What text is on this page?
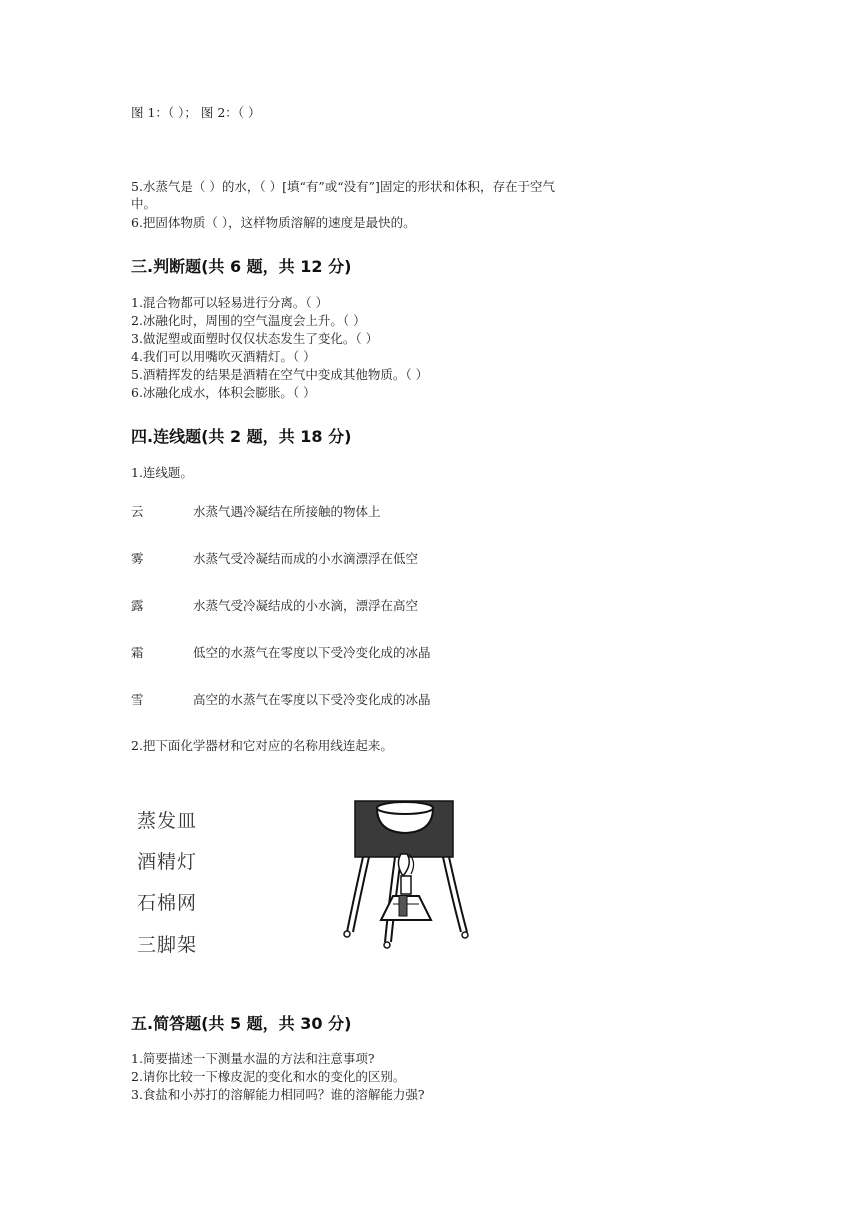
图 1：（ ）； 图 2：（ ）
5.水蒸气是（ ）的水，（ ）[填“有”或“没有”]固定的形状和体积，存在于空气
中。
6.把固体物质（ ），这样物质溶解的速度是最快的。
三.判断题(共 6 题，共 12 分)
1.混合物都可以轻易进行分离。（ ）
2.冰融化时，周围的空气温度会上升。（ ）
3.做泥塑或面塑时仅仅状态发生了变化。（ ）
4.我们可以用嘴吹灭酒精灯。（ ）
5.酒精挥发的结果是酒精在空气中变成其他物质。（ ）
6.冰融化成水，体积会膨胀。（ ）
四.连线题(共 2 题，共 18 分)
1.连线题。
云	水蒸气遇冷凝结在所接触的物体上
雾	水蒸气受冷凝结而成的小水滴漂浮在低空
露	水蒸气受冷凝结成的小水滴，漂浮在高空
霜	低空的水蒸气在零度以下受冷变化成的冰晶
雪	高空的水蒸气在零度以下受冷变化成的冰晶
2.把下面化学器材和它对应的名称用线连起来。
蒸发皿
酒精灯
石棉网
三脚架
五.简答题(共 5 题，共 30 分)
1.简要描述一下测量水温的方法和注意事项?
2.请你比较一下橡皮泥的变化和水的变化的区别。
3.食盐和小苏打的溶解能力相同吗？谁的溶解能力强?
